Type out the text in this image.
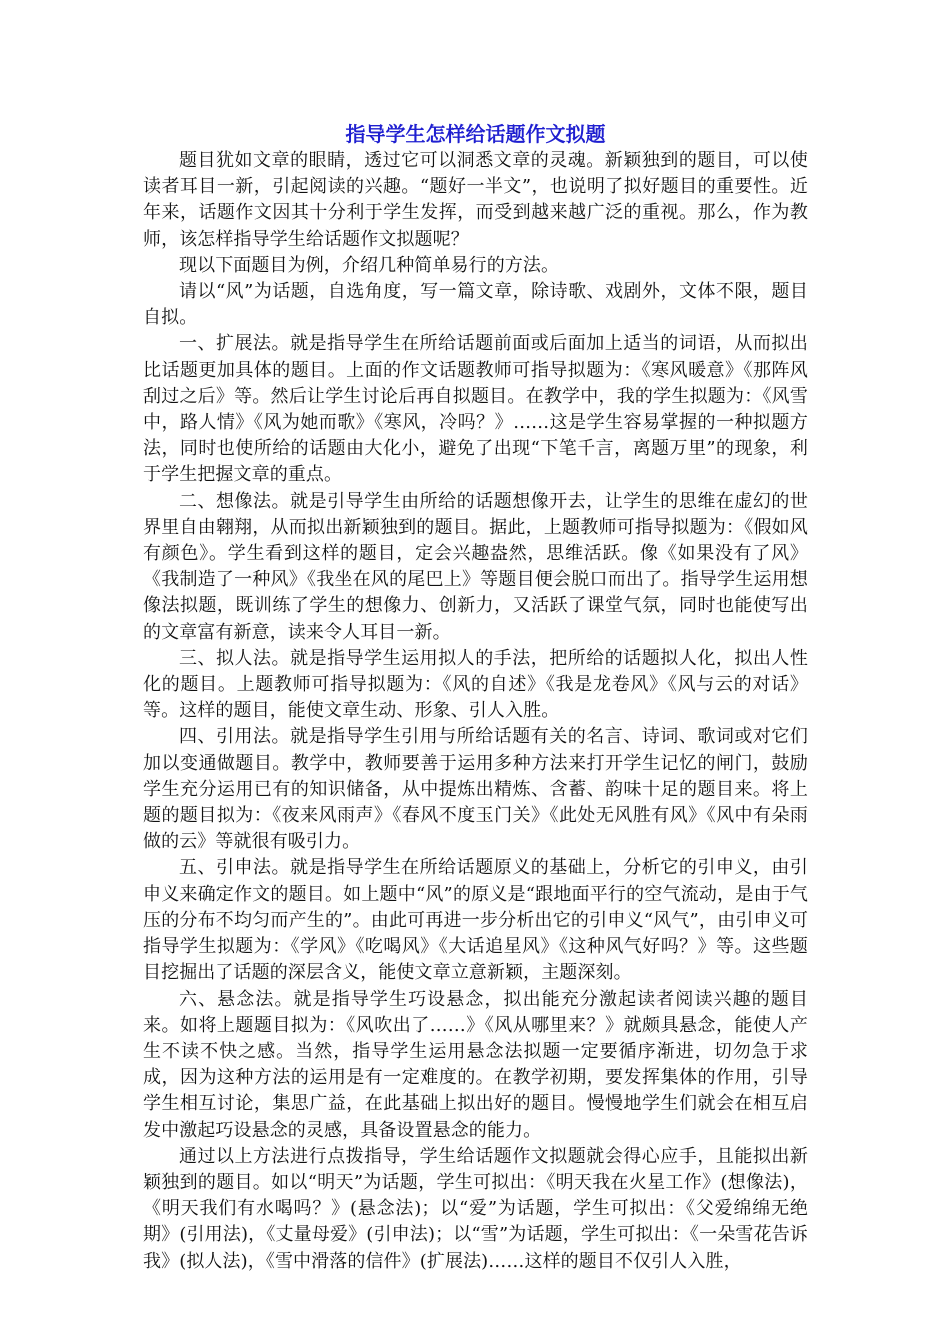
指导学生怎样给话题作文拟题

题目犹如文章的眼睛，透过它可以洞悉文章的灵魂。新颖独到的题目，可以使读者耳目一新，引起阅读的兴趣。“题好一半文”，也说明了拟好题目的重要性。近年来，话题作文因其十分利于学生发挥，而受到越来越广泛的重视。那么，作为教师，该怎样指导学生给话题作文拟题呢？

现以下面题目为例，介绍几种简单易行的方法。

请以“风”为话题，自选角度，写一篇文章，除诗歌、戏剧外，文体不限，题目自拟。

一、扩展法。就是指导学生在所给话题前面或后面加上适当的词语，从而拟出比话题更加具体的题目。上面的作文话题教师可指导拟题为：《寒风暖意》《那阵风刮过之后》等。然后让学生讨论后再自拟题目。在教学中，我的学生拟题为：《风雪中，路人情》《风为她而歌》《寒风，冷吗？》……这是学生容易掌握的一种拟题方法，同时也使所给的话题由大化小，避免了出现“下笔千言，离题万里”的现象，利于学生把握文章的重点。

二、想像法。就是引导学生由所给的话题想像开去，让学生的思维在虚幻的世界里自由翱翔，从而拟出新颖独到的题目。据此，上题教师可指导拟题为：《假如风有颜色》。学生看到这样的题目，定会兴趣盎然，思维活跃。像《如果没有了风》《我制造了一种风》《我坐在风的尾巴上》等题目便会脱口而出了。指导学生运用想像法拟题，既训练了学生的想像力、创新力，又活跃了课堂气氛，同时也能使写出的文章富有新意，读来令人耳目一新。

三、拟人法。就是指导学生运用拟人的手法，把所给的话题拟人化，拟出人性化的题目。上题教师可指导拟题为：《风的自述》《我是龙卷风》《风与云的对话》等。这样的题目，能使文章生动、形象、引人入胜。

四、引用法。就是指导学生引用与所给话题有关的名言、诗词、歌词或对它们加以变通做题目。教学中，教师要善于运用多种方法来打开学生记忆的闸门，鼓励学生充分运用已有的知识储备，从中提炼出精炼、含蓄、韵味十足的题目来。将上题的题目拟为：《夜来风雨声》《春风不度玉门关》《此处无风胜有风》《风中有朵雨做的云》等就很有吸引力。

五、引申法。就是指导学生在所给话题原义的基础上，分析它的引申义，由引申义来确定作文的题目。如上题中“风”的原义是“跟地面平行的空气流动，是由于气压的分布不均匀而产生的”。由此可再进一步分析出它的引申义“风气”，由引申义可指导学生拟题为：《学风》《吃喝风》《大话追星风》《这种风气好吗？》等。这些题目挖掘出了话题的深层含义，能使文章立意新颖，主题深刻。

六、悬念法。就是指导学生巧设悬念，拟出能充分激起读者阅读兴趣的题目来。如将上题题目拟为：《风吹出了……》《风从哪里来？》就颇具悬念，能使人产生不读不快之感。当然，指导学生运用悬念法拟题一定要循序渐进，切勿急于求成，因为这种方法的运用是有一定难度的。在教学初期，要发挥集体的作用，引导学生相互讨论，集思广益，在此基础上拟出好的题目。慢慢地学生们就会在相互启发中激起巧设悬念的灵感，具备设置悬念的能力。

通过以上方法进行点拨指导，学生给话题作文拟题就会得心应手，且能拟出新颖独到的题目。如以“明天”为话题，学生可拟出：《明天我在火星工作》(想像法)，《明天我们有水喝吗？》(悬念法)；以“爱”为话题，学生可拟出：《父爱绵绵无绝期》(引用法)，《丈量母爱》(引申法)；以“雪”为话题，学生可拟出：《一朵雪花告诉我》(拟人法)，《雪中滑落的信件》(扩展法)……这样的题目不仅引人入胜，
